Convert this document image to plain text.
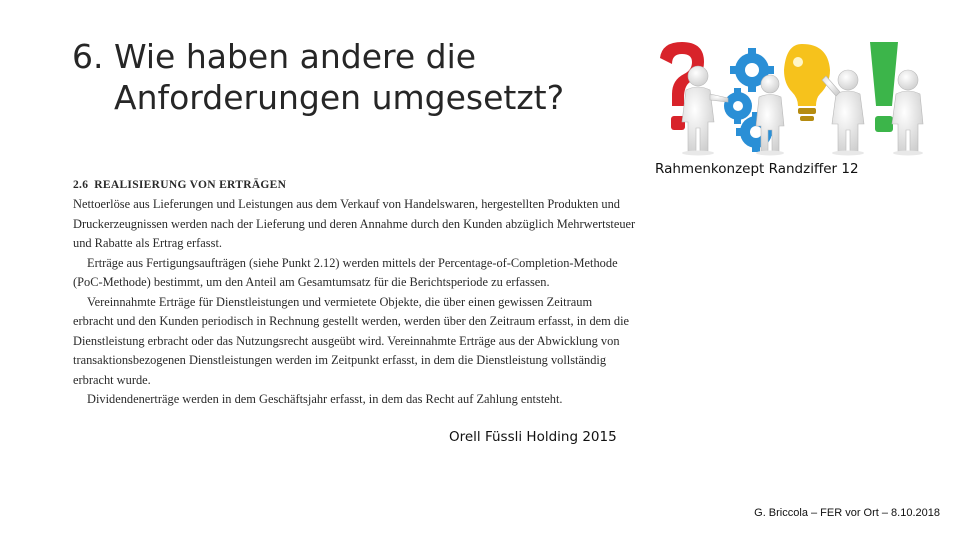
6. Wie haben andere die
Anforderungen umgesetzt?
Rahmenkonzept Randziffer 12
2.6 REALISIERUNG VON ERTRÄGEN

Nettoerlöse aus Lieferungen und Leistungen aus dem Verkauf von Handelswaren, hergestellten Produkten und
Druckerzeugnissen werden nach der Lieferung und deren Annahme durch den Kunden abzüglich Mehrwertsteuer
und Rabatte als Ertrag erfasst.
Erträge aus Fertigungsaufträgen (siehe Punkt 2.12) werden mittels der Percentage-of-Completion-Methode
(PoC-Methode) bestimmt, um den Anteil am Gesamtumsatz für die Berichtsperiode zu erfassen.
Vereinnahmte Erträge für Dienstleistungen und vermietete Objekte, die über einen gewissen Zeitraum
erbracht und den Kunden periodisch in Rechnung gestellt werden, werden über den Zeitraum erfasst, in dem die
Dienstleistung erbracht oder das Nutzungsrecht ausgeübt wird. Vereinnahmte Erträge aus der Abwicklung von
transaktionsbezogenen Dienstleistungen werden im Zeitpunkt erfasst, in dem die Dienstleistung vollständig
erbracht wurde.
Dividendenerträge werden in dem Geschäftsjahr erfasst, in dem das Recht auf Zahlung entsteht.

Orell Füssli Holding 2015
G. Briccola – FER vor Ort – 8.10.2018
